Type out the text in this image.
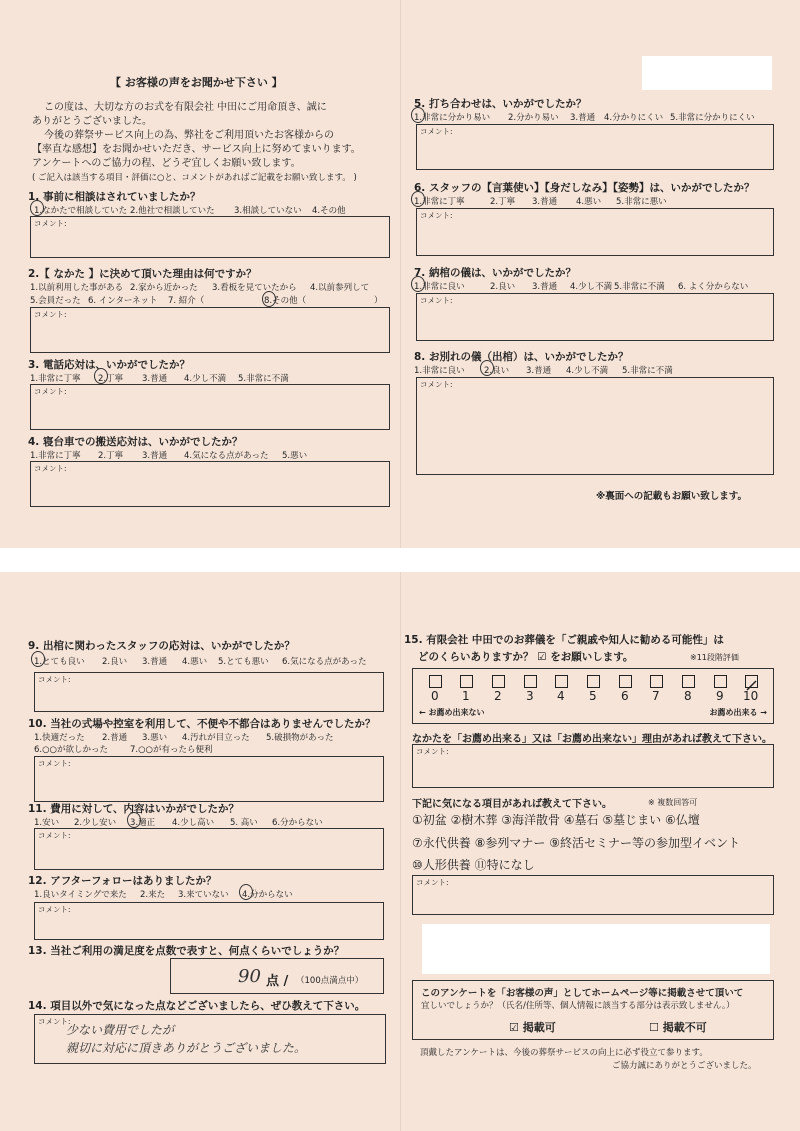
【 お客様の声をお聞かせ下さい 】
この度は、大切な方のお式を有限会社 中田にご用命頂き、誠に
ありがとうございました。
今後の葬祭サービス向上の為、弊社をご利用頂いたお客様からの
【率直な感想】をお聞かせいただき、サービス向上に努めてまいります。
アンケートへのご協力の程、どうぞ宜しくお願い致します。
( ご記入は該当する項目・評価に○と、コメントがあればご記載をお願い致します。 )
1. 事前に相談はされていましたか？
1.なかたで相談していた 2.他社で相談していた 3.相談していない 4.その他
コメント:
2.【 なかた 】に決めて頂いた理由は何ですか？
1.以前利用した事がある 2.家から近かった 3.看板を見ていたから 4.以前参列して
5.会員だった 6. インターネット 7. 紹介（	8.その他（	）
コメント:
3. 電話応対は、いかがでしたか？
1.非常に丁寧 2.丁寧 3.普通 4.少し不満 5.非常に不満
コメント:
4. 寝台車での搬送応対は、いかがでしたか？
1.非常に丁寧 2.丁寧 3.普通 4.気になる点があった 5.悪い
コメント:
5. 打ち合わせは、いかがでしたか？
1.非常に分かり易い 2.分かり易い 3.普通 4.分かりにくい 5.非常に分かりにくい
コメント:
6. スタッフの【言葉使い】【身だしなみ】【姿勢】は、いかがでしたか？
1.非常に丁寧	2.丁寧 3.普通 4.悪い 5.非常に悪い
コメント:
7. 納棺の儀は、いかがでしたか？
1.非常に良い	2.良い 3.普通 4.少し不満 5.非常に不満 6. よく分からない
コメント:
8. お別れの儀（出棺）は、いかがでしたか？
1.非常に良い 2.良い 3.普通 4.少し不満 5.非常に不満
コメント:
※裏面への記載もお願い致します。
9. 出棺に関わったスタッフの応対は、いかがでしたか？
1.とても良い 2.良い 3.普通 4.悪い 5.とても悪い 6.気になる点があった
コメント:
10. 当社の式場や控室を利用して、不便や不都合はありませんでしたか？
1.快適だった 2.普通 3.悪い 4.汚れが目立った 5.破損物があった
6.○○が欲しかった	7.○○が有ったら便利
コメント:
11. 費用に対して、内容はいかがでしたか？
1.安い 2.少し安い 3.適正 4.少し高い 5. 高い 6.分からない
コメント:
12. アフターフォローはありましたか？
1.良いタイミングで来た 2.来た 3.来ていない 4.分からない
コメント:
13. 当社ご利用の満足度を点数で表すと、何点くらいでしょうか？
90 点 / （100点満点中）
14. 項目以外で気になった点などございましたら、ぜひ教えて下さい。
コメント:
少ない費用でしたが
親切に対応に頂きありがとうございました。
15. 有限会社 中田でのお葬儀を「ご親戚や知人に勧める可能性」は
どのくらいありますか？ ☑ をお願いします。	※11段階評価
0 1 2 3 4 5 6 7 8 9 10
← お薦め出来ない	お薦め出来る →
なかたを「お薦め出来る」又は「お薦め出来ない」理由があれば教えて下さい。
コメント:
下記に気になる項目があれば教えて下さい。	※ 複数回答可
①初盆 ②樹木葬 ③海洋散骨 ④墓石 ⑤墓じまい ⑥仏壇
⑦永代供養 ⑧参列マナー ⑨終活セミナー等の参加型イベント
⑩人形供養 ⑪特になし
コメント:
このアンケートを「お客様の声」としてホームページ等に掲載させて頂いて
宜しいでしょうか？（氏名/住所等、個人情報に該当する部分は表示致しません。）
☑ 掲載可	☐ 掲載不可
頂戴したアンケートは、今後の葬祭サービスの向上に必ず役立て参ります。
ご協力誠にありがとうございました。
